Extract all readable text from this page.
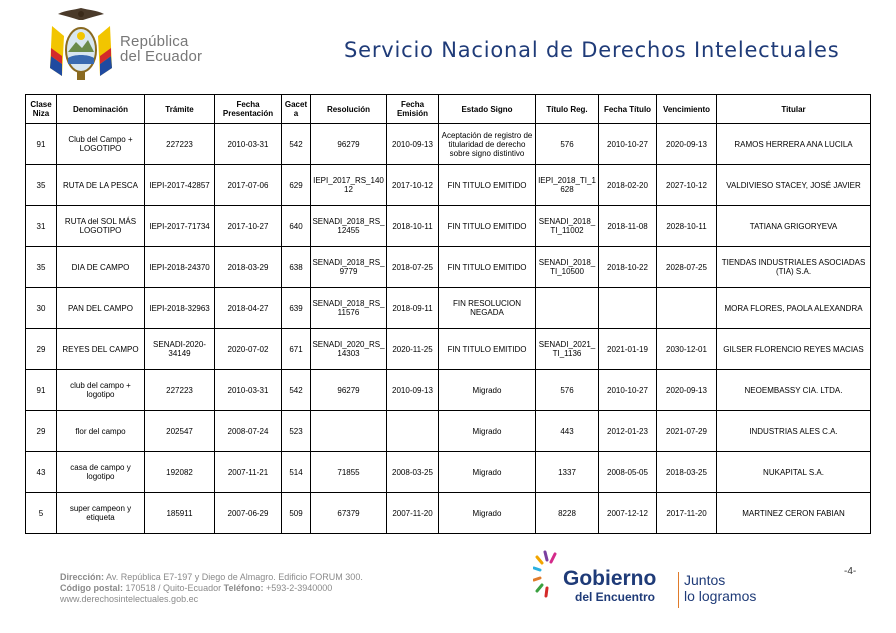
República
del Ecuador	Servicio Nacional de Derechos Intelectuales
Clase Niza	Denominación	Trámite	Fecha Presentación	Gaceta	Resolución	Fecha Emisión	Estado Signo	Título Reg.	Fecha Título	Vencimiento	Titular
91	Club del Campo + LOGOTIPO	227223	2010-03-31	542	96279	2010-09-13	Aceptación de registro de titularidad de derecho sobre signo distintivo	576	2010-10-27	2020-09-13	RAMOS HERRERA ANA LUCILA
35	RUTA DE LA PESCA	IEPI-2017-42857	2017-07-06	629	IEPI_2017_RS_14012	2017-10-12	FIN TITULO EMITIDO	IEPI_2018_TI_1628	2018-02-20	2027-10-12	VALDIVIESO STACEY, JOSÉ JAVIER
31	RUTA del SOL MÁS LOGOTIPO	IEPI-2017-71734	2017-10-27	640	SENADI_2018_RS_12455	2018-10-11	FIN TITULO EMITIDO	SENADI_2018_TI_11002	2018-11-08	2028-10-11	TATIANA GRIGORYEVA
35	DIA DE CAMPO	IEPI-2018-24370	2018-03-29	638	SENADI_2018_RS_9779	2018-07-25	FIN TITULO EMITIDO	SENADI_2018_TI_10500	2018-10-22	2028-07-25	TIENDAS INDUSTRIALES ASOCIADAS (TIA) S.A.
30	PAN DEL CAMPO	IEPI-2018-32963	2018-04-27	639	SENADI_2018_RS_11576	2018-09-11	FIN RESOLUCION NEGADA				MORA FLORES, PAOLA ALEXANDRA
29	REYES DEL CAMPO	SENADI-2020-34149	2020-07-02	671	SENADI_2020_RS_14303	2020-11-25	FIN TITULO EMITIDO	SENADI_2021_TI_1136	2021-01-19	2030-12-01	GILSER FLORENCIO REYES MACIAS
91	club del campo + logotipo	227223	2010-03-31	542	96279	2010-09-13	Migrado	576	2010-10-27	2020-09-13	NEOEMBASSY CIA. LTDA.
29	flor del campo	202547	2008-07-24	523			Migrado	443	2012-01-23	2021-07-29	INDUSTRIAS ALES C.A.
43	casa de campo y logotipo	192082	2007-11-21	514	71855	2008-03-25	Migrado	1337	2008-05-05	2018-03-25	NUKAPITAL S.A.
5	super campeon y etiqueta	185911	2007-06-29	509	67379	2007-11-20	Migrado	8228	2007-12-12	2017-11-20	MARTINEZ CERON FABIAN
Dirección: Av. República E7-197 y Diego de Almagro. Edificio FORUM 300.
Código postal: 170518 / Quito-Ecuador Teléfono: +593-2-3940000
www.derechosintelectuales.gob.ec
Gobierno
del Encuentro
Juntos
lo logramos
-4-
